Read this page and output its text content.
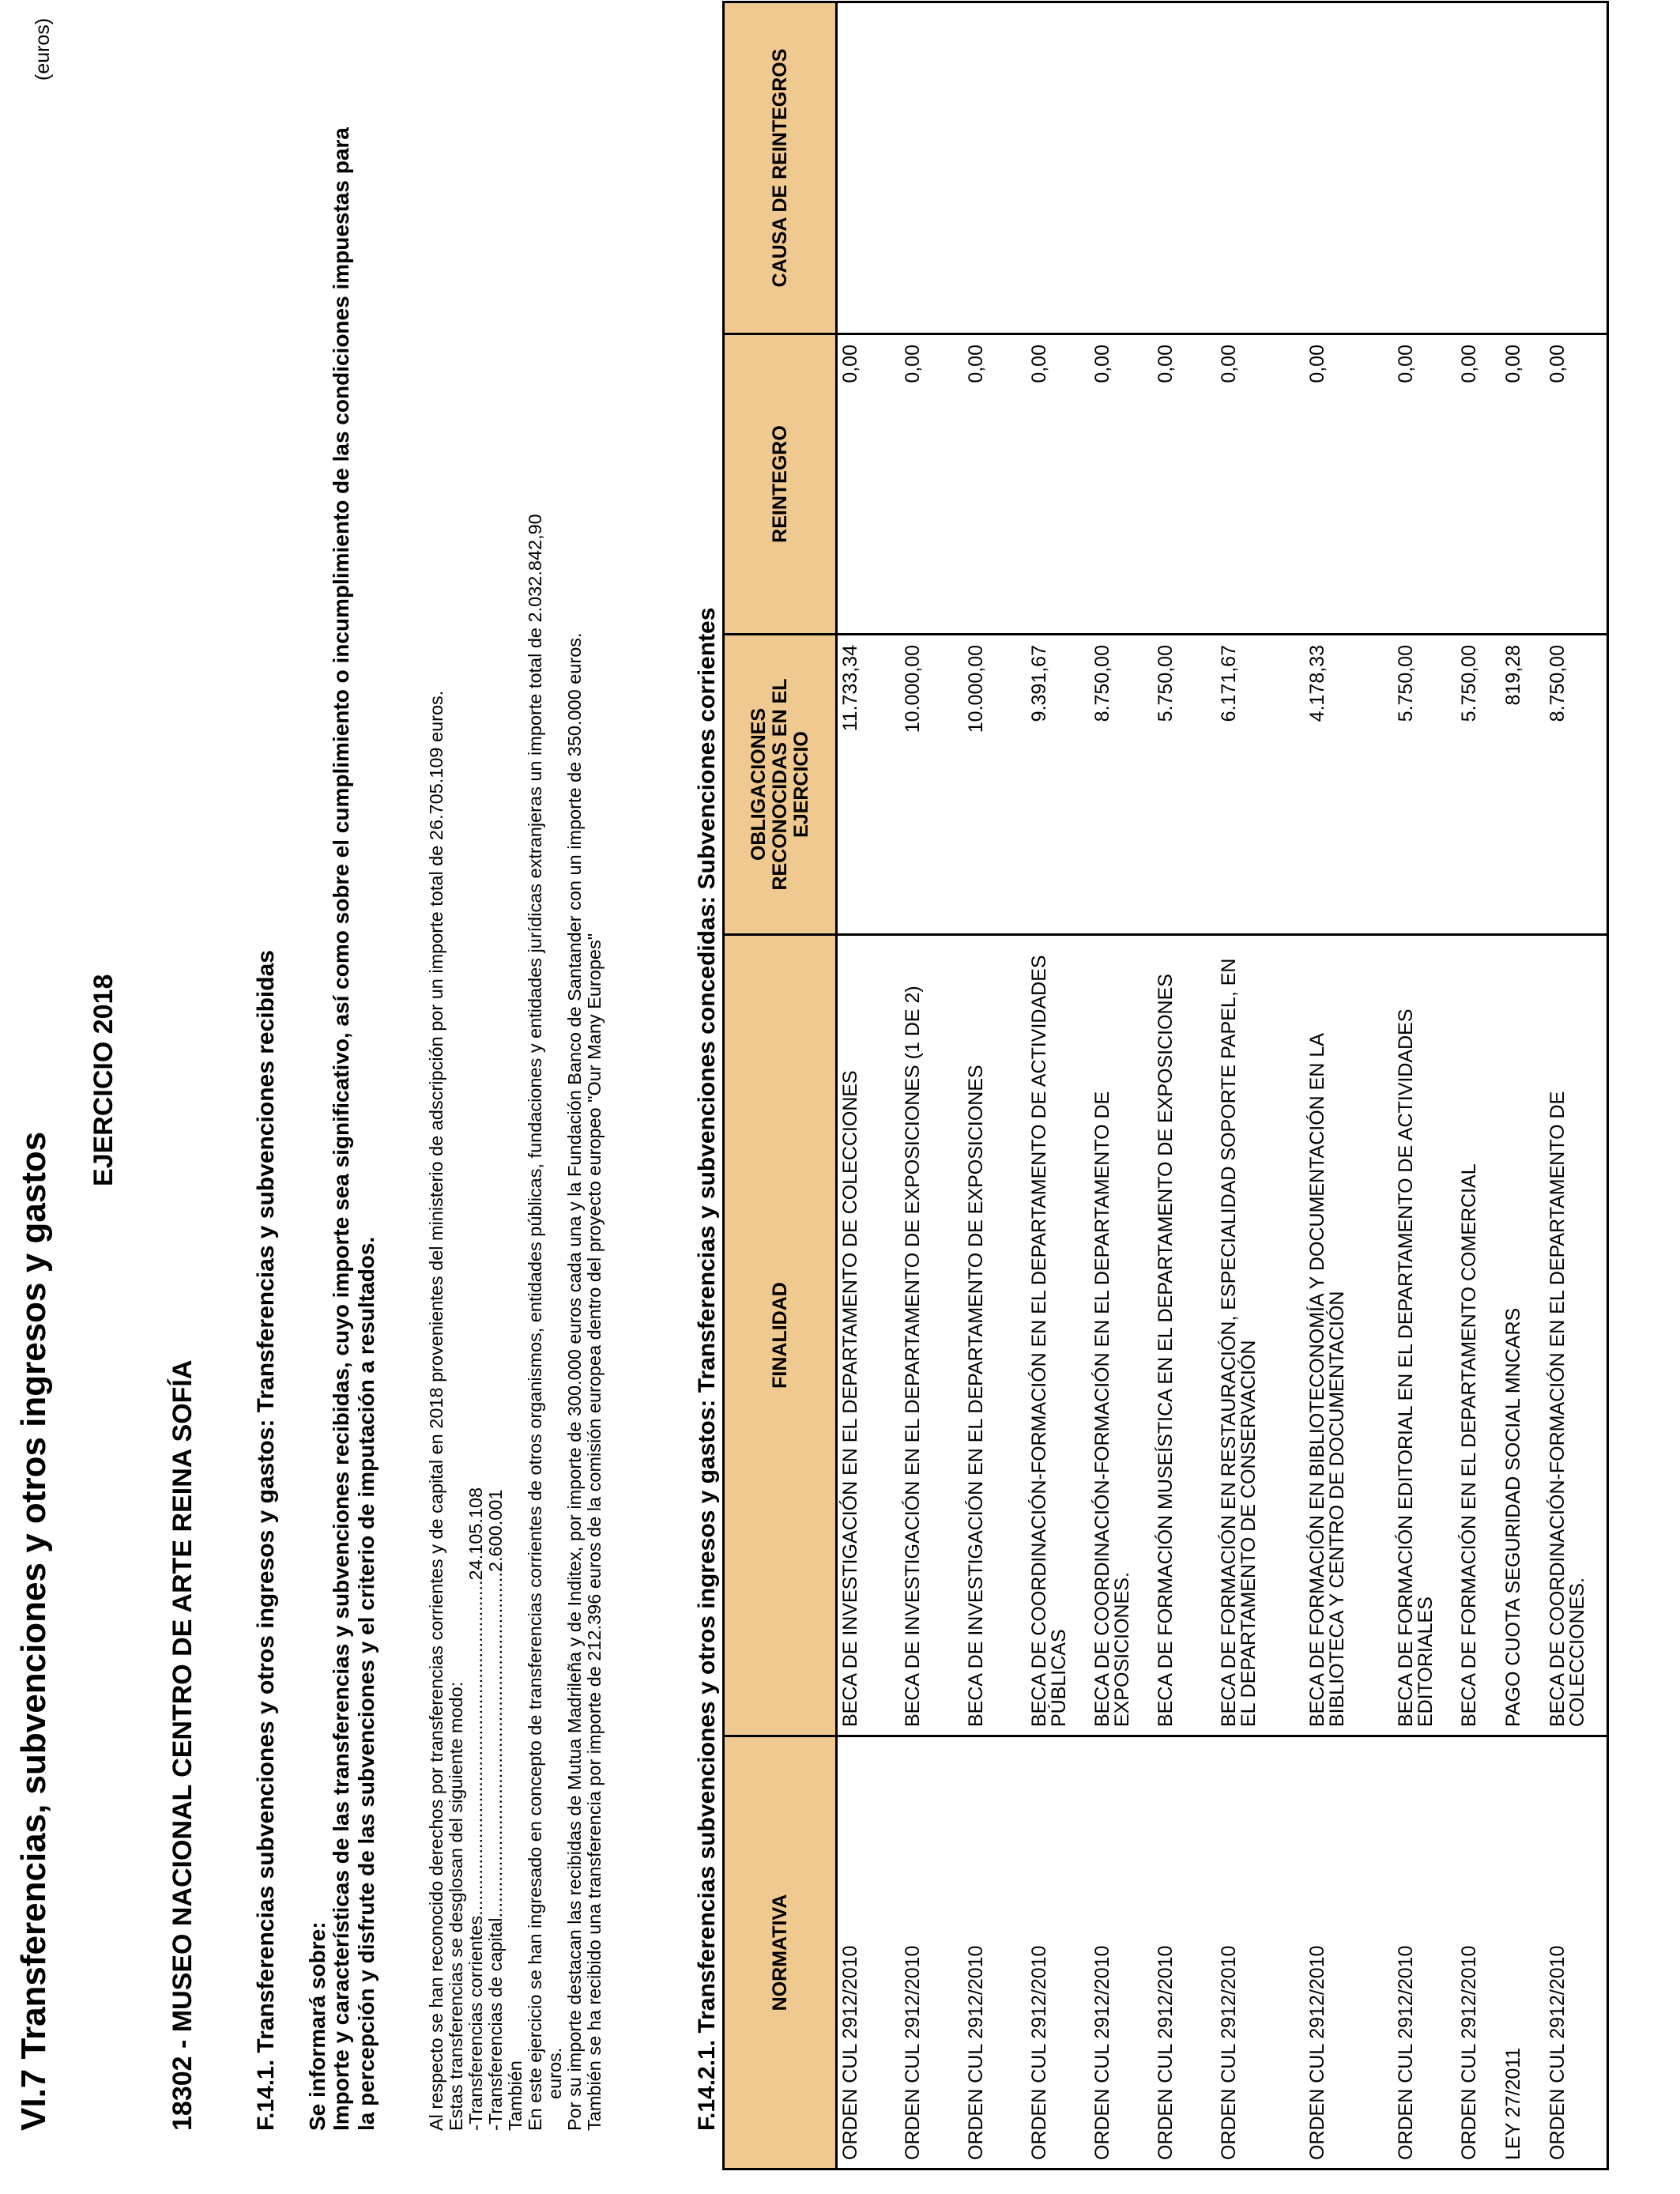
VI.7 Transferencias, subvenciones y otros ingresos y gastos
(euros)
EJERCICIO 2018
18302 - MUSEO NACIONAL CENTRO DE ARTE REINA SOFÍA F.14.1. Transferencias subvenciones y otros ingresos y gastos: Transferencias y subvenciones recibidas Se informará sobre: Importe y características de las transferencias y subvenciones recibidas, cuyo importe sea significativo, así como sobre el cumplimiento o incumplimiento de las condiciones impuestas para la percepción y disfrute de las subvenciones y el criterio de imputación a resultados.	Al respecto se han reconocido derechos por transferencias corrientes y de capital en 2018 provenientes del ministerio de adscripción por un importe total de 26.705.109 euros. Estas transferencias se desglosan del siguiente modo: -Transferencias corrientes.................................................................24.105.108 -Transferencias de capital...................................................................2.600.001 También En este ejercicio se han ingresado en concepto de transferencias corrientes de otros organismos, entidades públicas, fundaciones y entidades jurídicas extranjeras un importe total de 2.032.842,90 euros. Por su importe destacan las recibidas de Mutua Madrileña y de Inditex, por importe de 300.000 euros cada una y la Fundación Banco de Santander con un importe de 350.000 euros. También se ha recibido una transferencia por importe de 212.396 euros de la comisión europea dentro del proyecto europeo "Our Many Europes"	F.14.2.1. Transferencias subvenciones y otros ingresos y gastos: Transferencias y subvenciones concedidas: Subvenciones corrientes NORMATIVA	FINALIDAD	OBLIGACIONES RECONOCIDAS EN EL EJERCICIO	REINTEGRO	CAUSA DE REINTEGROS
ORDEN CUL 2912/2010	BECA DE INVESTIGACIÓN EN EL DEPARTAMENTO DE COLECCIONES	11.733,34	0,00	
ORDEN CUL 2912/2010	BECA DE INVESTIGACIÓN EN EL DEPARTAMENTO DE EXPOSICIONES (1 DE 2)	10.000,00	0,00	
ORDEN CUL 2912/2010	BECA DE INVESTIGACIÓN EN EL DEPARTAMENTO DE EXPOSICIONES	10.000,00	0,00	
ORDEN CUL 2912/2010	BECA DE COORDINACIÓN-FORMACIÓN EN EL DEPARTAMENTO DE ACTIVIDADES PÚBLICAS	9.391,67	0,00	
ORDEN CUL 2912/2010	BECA DE COORDINACIÓN-FORMACIÓN EN EL DEPARTAMENTO DE EXPOSICIONES.	8.750,00	0,00	
ORDEN CUL 2912/2010	BECA DE FORMACIÓN MUSEÍSTICA EN EL DEPARTAMENTO DE EXPOSICIONES	5.750,00	0,00	
ORDEN CUL 2912/2010	BECA DE FORMACIÓN EN RESTAURACIÓN, ESPECIALIDAD SOPORTE PAPEL, EN EL DEPARTAMENTO DE CONSERVACIÓN	6.171,67	0,00	
ORDEN CUL 2912/2010	BECA DE FORMACIÓN EN BIBLIOTECONOMÍA Y DOCUMENTACIÓN EN LA BIBLIOTECA Y CENTRO DE DOCUMENTACIÓN	4.178,33	0,00	
ORDEN CUL 2912/2010	BECA DE FORMACIÓN EDITORIAL EN EL DEPARTAMENTO DE ACTIVIDADES EDITORIALES	5.750,00	0,00	
ORDEN CUL 2912/2010	BECA DE FORMACIÓN EN EL DEPARTAMENTO COMERCIAL	5.750,00	0,00	
LEY 27/2011	PAGO CUOTA SEGURIDAD SOCIAL MNCARS	819,28	0,00	
ORDEN CUL 2912/2010	BECA DE COORDINACIÓN-FORMACIÓN EN EL DEPARTAMENTO DE COLECCIONES.	8.750,00	0,00	
